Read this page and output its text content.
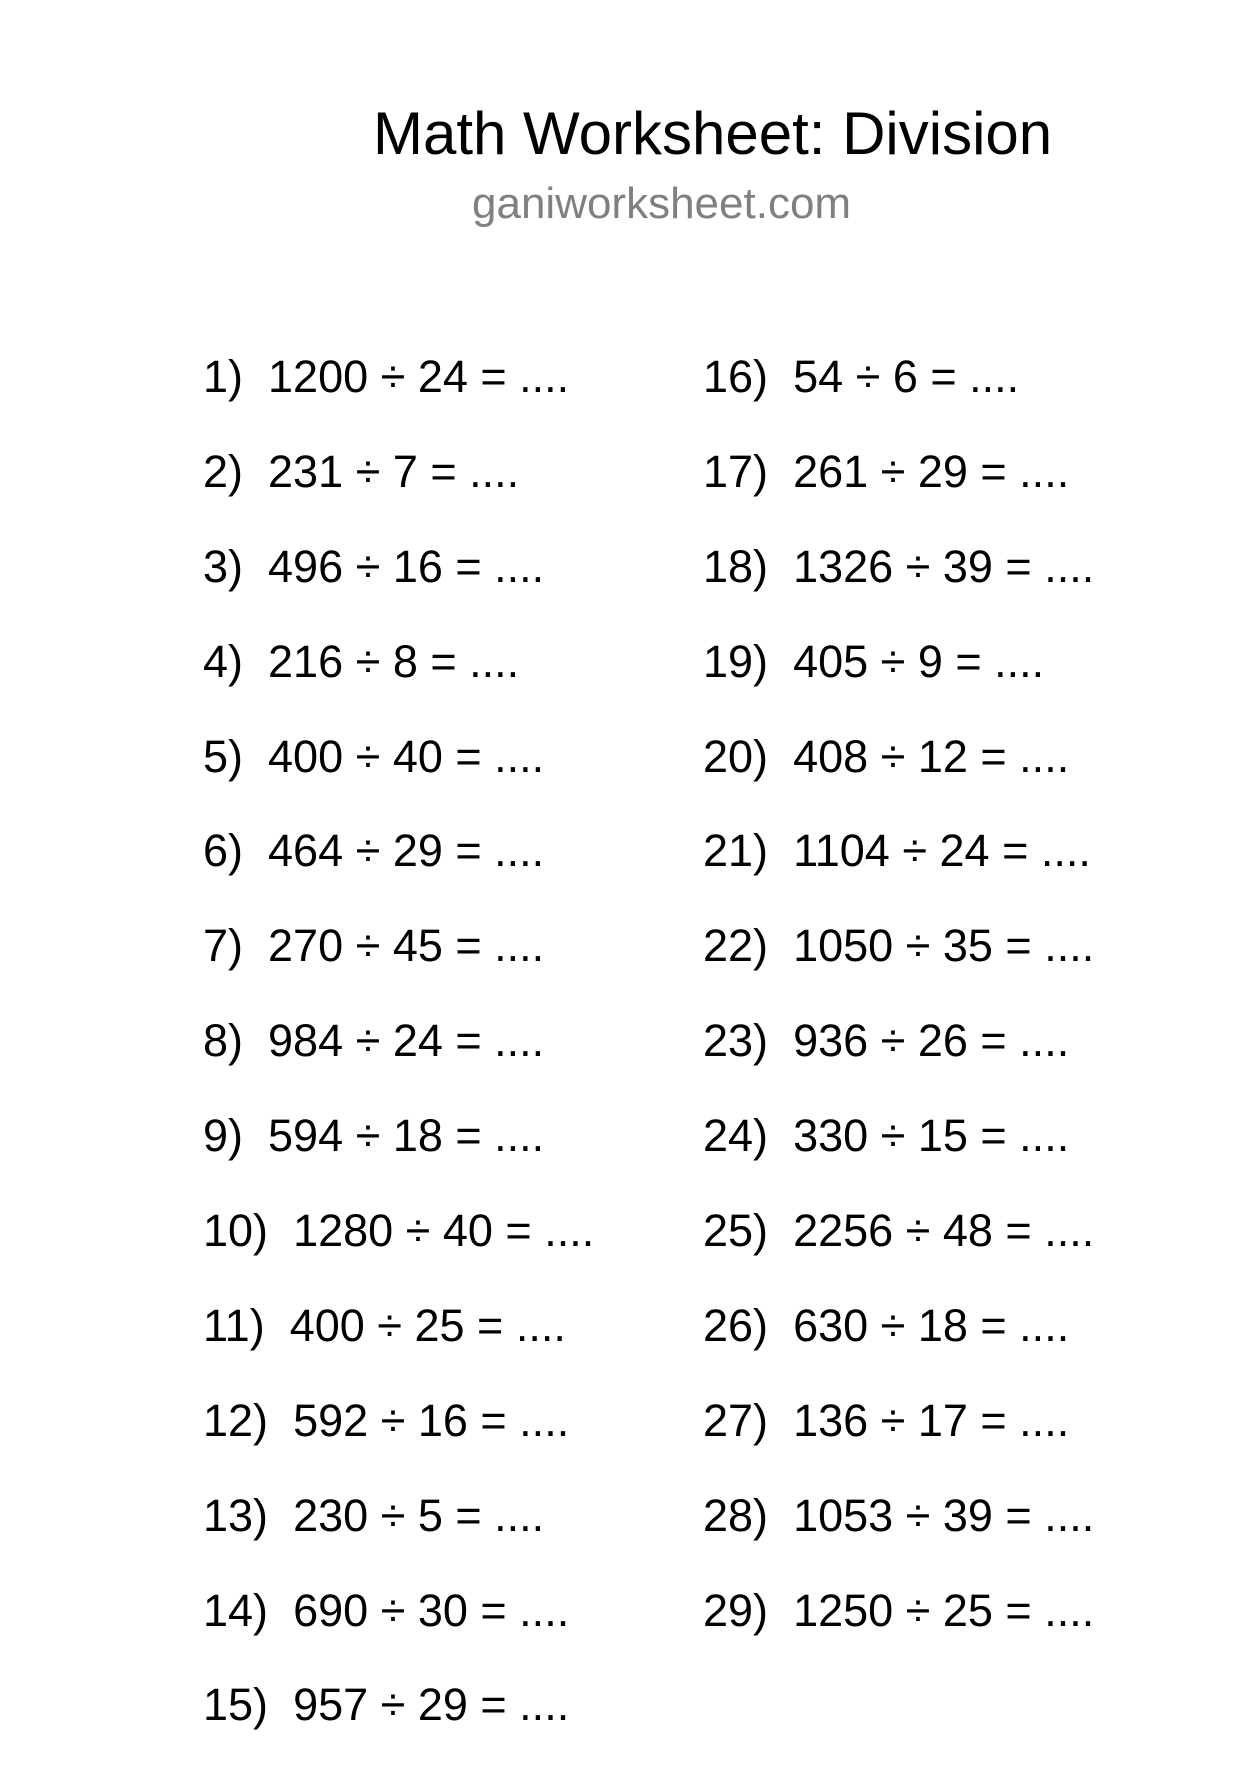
Math Worksheet: Division
ganiworksheet.com
1) 1200 ÷ 24 = ....
2) 231 ÷ 7 = ....
3) 496 ÷ 16 = ....
4) 216 ÷ 8 = ....
5) 400 ÷ 40 = ....
6) 464 ÷ 29 = ....
7) 270 ÷ 45 = ....
8) 984 ÷ 24 = ....
9) 594 ÷ 18 = ....
10) 1280 ÷ 40 = ....
11) 400 ÷ 25 = ....
12) 592 ÷ 16 = ....
13) 230 ÷ 5 = ....
14) 690 ÷ 30 = ....
15) 957 ÷ 29 = ....
16) 54 ÷ 6 = ....
17) 261 ÷ 29 = ....
18) 1326 ÷ 39 = ....
19) 405 ÷ 9 = ....
20) 408 ÷ 12 = ....
21) 1104 ÷ 24 = ....
22) 1050 ÷ 35 = ....
23) 936 ÷ 26 = ....
24) 330 ÷ 15 = ....
25) 2256 ÷ 48 = ....
26) 630 ÷ 18 = ....
27) 136 ÷ 17 = ....
28) 1053 ÷ 39 = ....
29) 1250 ÷ 25 = ....
